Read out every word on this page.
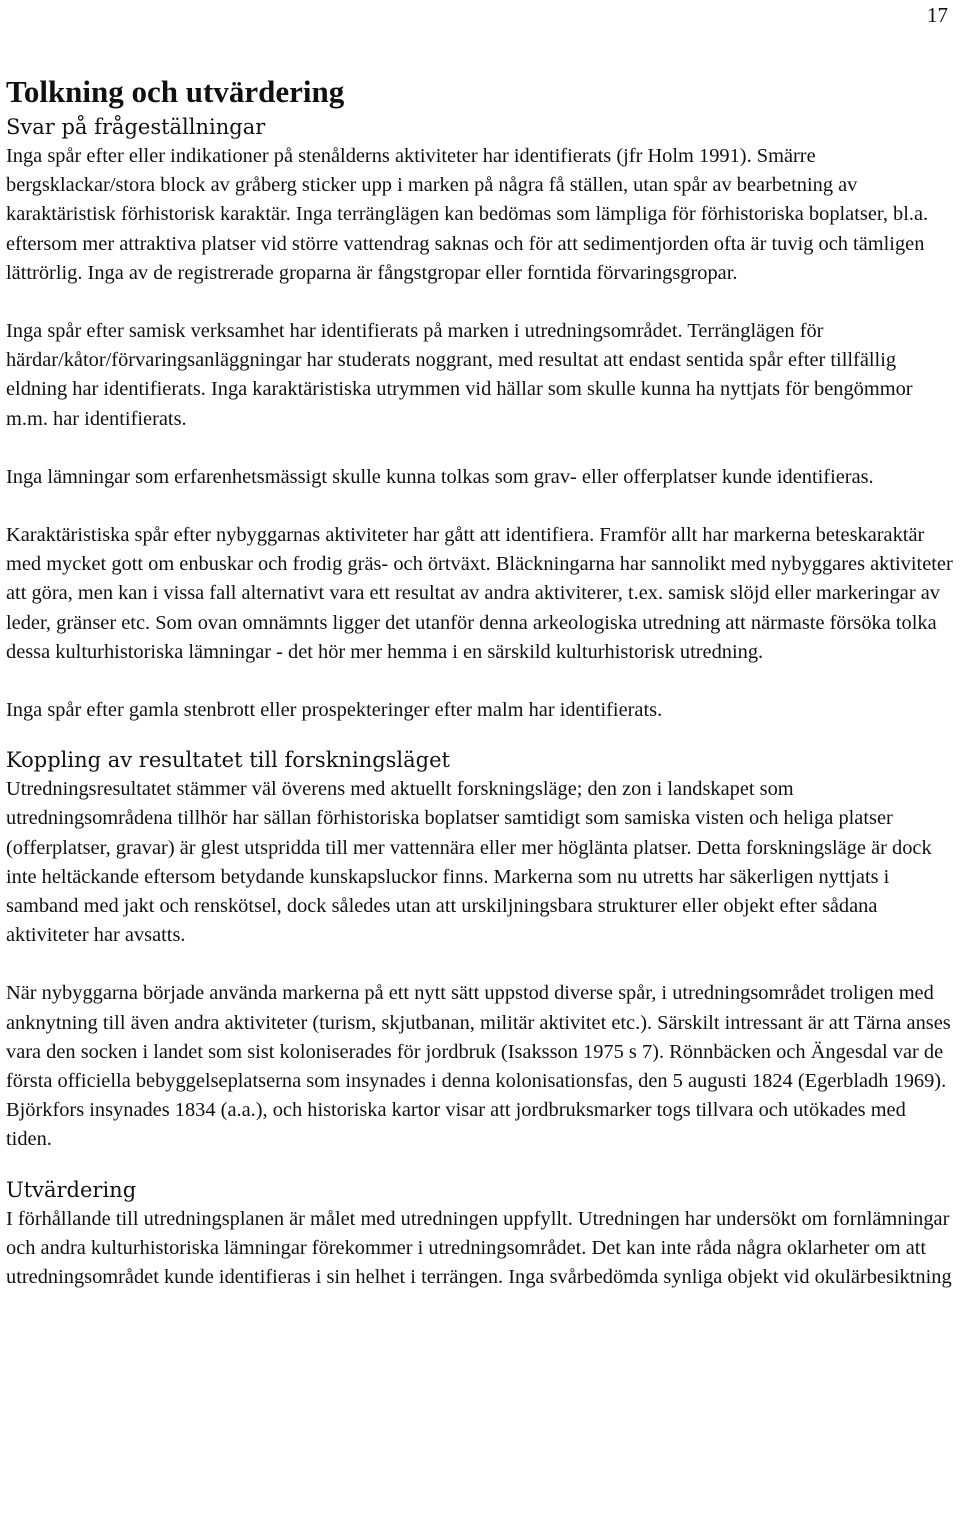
17
Tolkning och utvärdering
Svar på frågeställningar

Inga spår efter eller indikationer på stenålderns aktiviteter har identifierats (jfr Holm 1991). Smärre bergsklackar/stora block av gråberg sticker upp i marken på några få ställen, utan spår av bearbetning av karaktäristisk förhistorisk karaktär. Inga terränglägen kan bedömas som lämpliga för förhistoriska boplatser, bl.a. eftersom mer attraktiva platser vid större vattendrag saknas och för att sedimentjorden ofta är tuvig och tämligen lättrörlig. Inga av de registrerade groparna är fångstgropar eller forntida förvaringsgropar.

Inga spår efter samisk verksamhet har identifierats på marken i utredningsområdet. Terränglägen för härdar/kåtor/förvaringsanläggningar har studerats noggrant, med resultat att endast sentida spår efter tillfällig eldning har identifierats. Inga karaktäristiska utrymmen vid hällar som skulle kunna ha nyttjats för bengömmor m.m. har identifierats.

Inga lämningar som erfarenhetsmässigt skulle kunna tolkas som grav- eller offerplatser kunde identifieras.

Karaktäristiska spår efter nybyggarnas aktiviteter har gått att identifiera. Framför allt har markerna beteskaraktär med mycket gott om enbuskar och frodig gräs- och örtväxt. Bläckningarna har sannolikt med nybyggares aktiviteter att göra, men kan i vissa fall alternativt vara ett resultat av andra aktiviterer, t.ex. samisk slöjd eller markeringar av leder, gränser etc. Som ovan omnämnts ligger det utanför denna arkeologiska utredning att närmaste försöka tolka dessa kulturhistoriska lämningar - det hör mer hemma i en särskild kulturhistorisk utredning.

Inga spår efter gamla stenbrott eller prospekteringer efter malm har identifierats.

Koppling av resultatet till forskningsläget

Utredningsresultatet stämmer väl överens med aktuellt forskningsläge; den zon i landskapet som utredningsområdena tillhör har sällan förhistoriska boplatser samtidigt som samiska visten och heliga platser (offerplatser, gravar) är glest utspridda till mer vattennära eller mer höglänta platser. Detta forskningsläge är dock inte heltäckande eftersom betydande kunskapsluckor finns. Markerna som nu utretts har säkerligen nyttjats i samband med jakt och renskötsel, dock således utan att urskiljningsbara strukturer eller objekt efter sådana aktiviteter har avsatts.

När nybyggarna började använda markerna på ett nytt sätt uppstod diverse spår, i utredningsområdet troligen med anknytning till även andra aktiviteter (turism, skjutbanan, militär aktivitet etc.). Särskilt intressant är att Tärna anses vara den socken i landet som sist koloniserades för jordbruk (Isaksson 1975 s 7). Rönnbäcken och Ängesdal var de första officiella bebyggelseplatserna som insynades i denna kolonisationsfas, den 5 augusti 1824 (Egerbladh 1969). Björkfors insynades 1834 (a.a.), och historiska kartor visar att jordbruksmarker togs tillvara och utökades med tiden.

Utvärdering

I förhållande till utredningsplanen är målet med utredningen uppfyllt. Utredningen har undersökt om fornlämningar och andra kulturhistoriska lämningar förekommer i utredningsområdet. Det kan inte råda några oklarheter om att utredningsområdet kunde identifieras i sin helhet i terrängen. Inga svårbedömda synliga objekt vid okulärbesiktning
